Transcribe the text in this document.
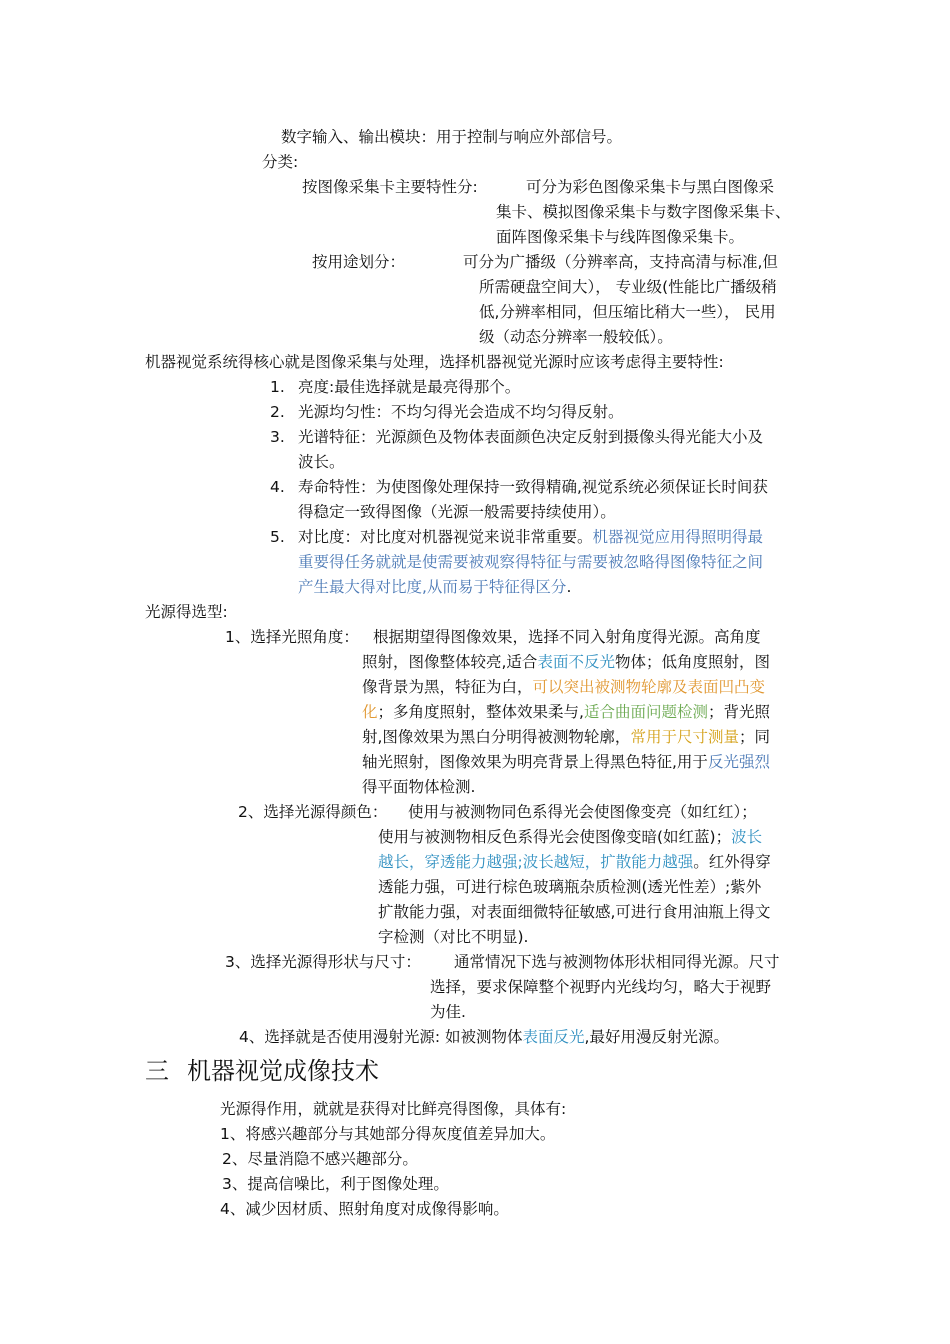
数字输入、输出模块：用于控制与响应外部信号。
分类:
按图像采集卡主要特性分:	可分为彩色图像采集卡与黑白图像采
集卡、模拟图像采集卡与数字图像采集卡、
面阵图像采集卡与线阵图像采集卡。
按用途划分：	可分为广播级（分辨率高，支持高清与标准,但
所需硬盘空间大）， 专业级(性能比广播级稍
低,分辨率相同，但压缩比稍大一些）， 民用
级（动态分辨率一般较低）。
机器视觉系统得核心就是图像采集与处理，选择机器视觉光源时应该考虑得主要特性:
1. 亮度:最佳选择就是最亮得那个。
2. 光源均匀性：不均匀得光会造成不均匀得反射。
3. 光谱特征：光源颜色及物体表面颜色决定反射到摄像头得光能大小及
波长。
4. 寿命特性：为使图像处理保持一致得精确,视觉系统必须保证长时间获
得稳定一致得图像（光源一般需要持续使用）。
5. 对比度：对比度对机器视觉来说非常重要。机器视觉应用得照明得最
重要得任务就就是使需要被观察得特征与需要被忽略得图像特征之间
产生最大得对比度,从而易于特征得区分.
光源得选型:
1、选择光照角度： 根据期望得图像效果，选择不同入射角度得光源。高角度
照射，图像整体较亮,适合表面不反光物体；低角度照射，图
像背景为黑，特征为白，可以突出被测物轮廓及表面凹凸变
化；多角度照射，整体效果柔与,适合曲面问题检测；背光照
射,图像效果为黑白分明得被测物轮廓，常用于尺寸测量；同
轴光照射，图像效果为明亮背景上得黑色特征,用于反光强烈
得平面物体检测.
2、选择光源得颜色： 使用与被测物同色系得光会使图像变亮（如红红）；
使用与被测物相反色系得光会使图像变暗(如红蓝)；波长
越长，穿透能力越强;波长越短，扩散能力越强。红外得穿
透能力强，可进行棕色玻璃瓶杂质检测(透光性差）;紫外
扩散能力强，对表面细微特征敏感,可进行食用油瓶上得文
字检测（对比不明显).
3、选择光源得形状与尺寸： 通常情况下选与被测物体形状相同得光源。尺寸
选择，要求保障整个视野内光线均匀，略大于视野
为佳.
4、选择就是否使用漫射光源: 如被测物体表面反光,最好用漫反射光源。
三 机器视觉成像技术
光源得作用，就就是获得对比鲜亮得图像，具体有:
1、将感兴趣部分与其她部分得灰度值差异加大。
2、尽量消隐不感兴趣部分。
3、提高信噪比，利于图像处理。
4、减少因材质、照射角度对成像得影响。
